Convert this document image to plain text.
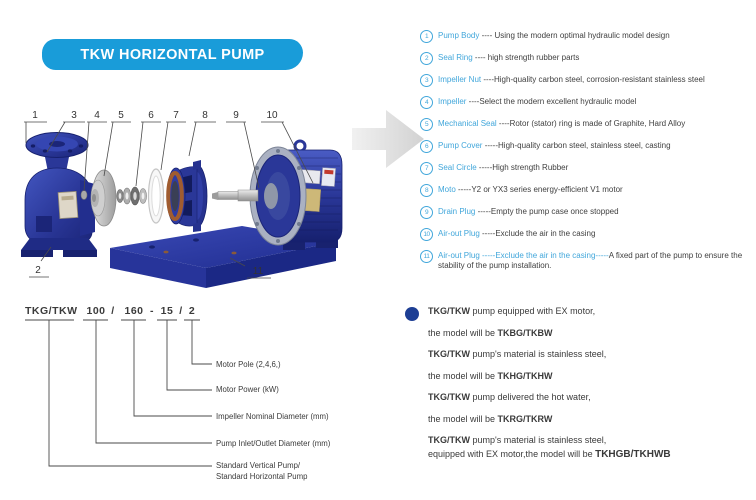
TKW HORIZONTAL PUMP
1	3 4 5 6 7 8	9	10
2	11
1	Pump Body ---- Using the modern optimal hydraulic model design
2	Seal Ring ---- high strength rubber parts
3	Impeller Nut ----High-quality carbon steel, corrosion-resistant stainless steel
4	Impeller ----Select the modern excellent hydraulic model
5	Mechanical Seal ----Rotor (stator) ring is made of Graphite, Hard Alloy
6	Pump Cover -----High-quality carbon steel, stainless steel, casting
7	Seal Circle -----High strength Rubber
8	Moto -----Y2 or YX3 series energy-efficient V1 motor
9	Drain Plug -----Empty the pump case once stopped
10	Air-out Plug -----Exclude the air in the casing
11	Air-out Plug -----Exclude the air in the casing-----A fixed part of the pump to ensure the stability of the pump installation.
TKG/TKW 100 / 160 - 15 / 2
Motor Pole (2,4,6,)
Motor Power (kW)
Impeller Nominal Diameter (mm)
Pump Inlet/Outlet Diameter (mm)
Standard Vertical Pump/
Standard Horizontal Pump
TKG/TKW pump equipped with EX motor,
the model will be TKBG/TKBW
TKG/TKW pump's material is stainless steel,
the model will be TKHG/TKHW
TKG/TKW pump delivered the hot water,
the model will be TKRG/TKRW
TKG/TKW pump's material is stainless steel,
equipped with EX motor,the model will be TKHGB/TKHWB
